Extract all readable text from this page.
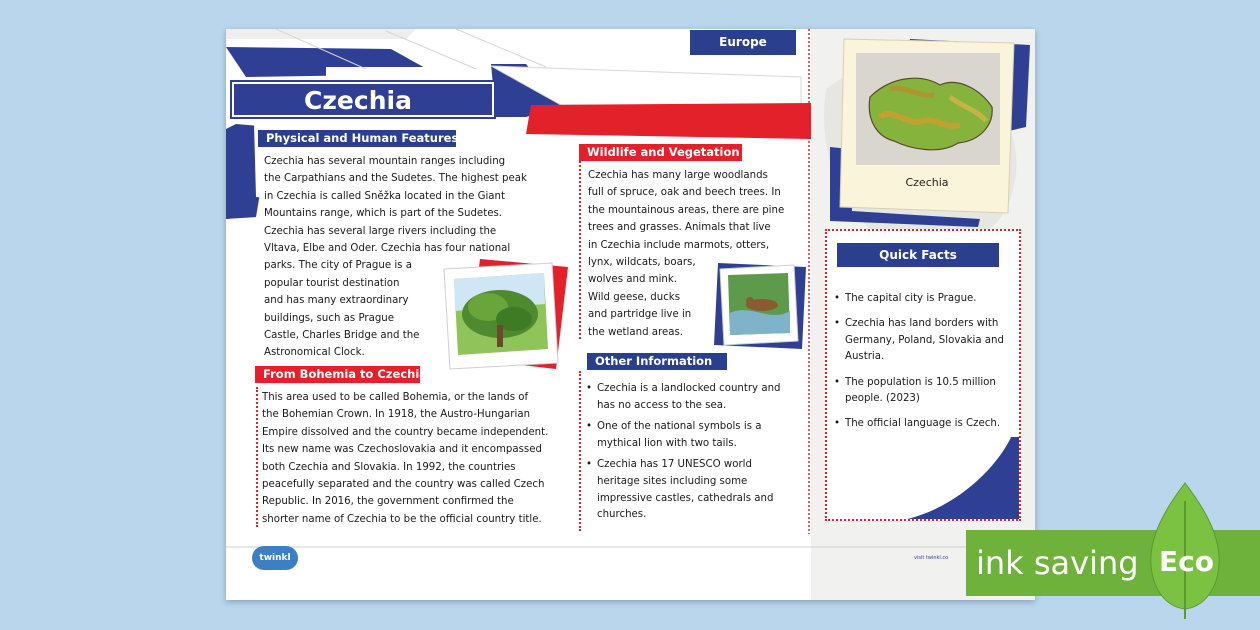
Europe
Czechia
Physical and Human Features
Czechia has several mountain ranges including
the Carpathians and the Sudetes. The highest peak
in Czechia is called Sněžka located in the Giant
Mountains range, which is part of the Sudetes.
Czechia has several large rivers including the
Vltava, Elbe and Oder. Czechia has four national
parks. The city of Prague is a
popular tourist destination
and has many extraordinary
buildings, such as Prague
Castle, Charles Bridge and the
Astronomical Clock.
From Bohemia to Czechia
This area used to be called Bohemia, or the lands of
the Bohemian Crown. In 1918, the Austro-Hungarian
Empire dissolved and the country became independent.
Its new name was Czechoslovakia and it encompassed
both Czechia and Slovakia. In 1992, the countries
peacefully separated and the country was called Czech
Republic. In 2016, the government confirmed the
shorter name of Czechia to be the official country title.
Wildlife and Vegetation
Czechia has many large woodlands
full of spruce, oak and beech trees. In
the mountainous areas, there are pine
trees and grasses. Animals that live
in Czechia include marmots, otters,
lynx, wildcats, boars,
wolves and mink.
Wild geese, ducks
and partridge live in
the wetland areas.
Other Information
• Czechia is a landlocked country and has no access to the sea.
• One of the national symbols is a mythical lion with two tails.
• Czechia has 17 UNESCO world heritage sites including some impressive castles, cathedrals and churches.
Czechia
Quick Facts
• The capital city is Prague.
• Czechia has land borders with Germany, Poland, Slovakia and Austria.
• The population is 10.5 million people. (2023)
• The official language is Czech.
twinkl	visit twinkl.co ink saving Eco
